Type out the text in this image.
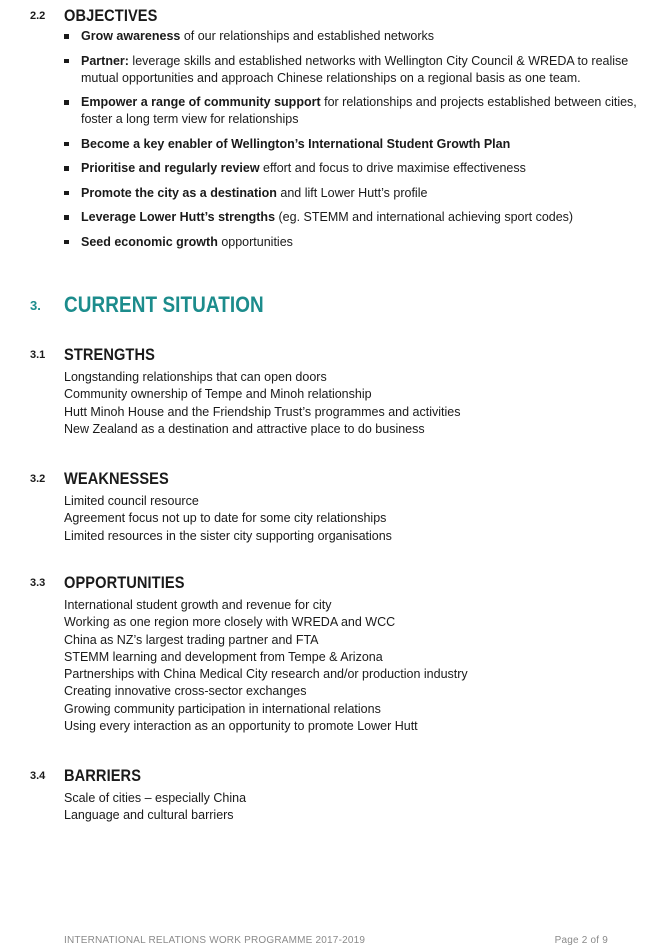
2.2 OBJECTIVES
Grow awareness of our relationships and established networks
Partner: leverage skills and established networks with Wellington City Council & WREDA to realise mutual opportunities and approach Chinese relationships on a regional basis as one team.
Empower a range of community support for relationships and projects established between cities, foster a long term view for relationships
Become a key enabler of Wellington’s International Student Growth Plan
Prioritise and regularly review effort and focus to drive maximise effectiveness
Promote the city as a destination and lift Lower Hutt’s profile
Leverage Lower Hutt’s strengths (eg. STEMM and international achieving sport codes)
Seed economic growth opportunities
3. CURRENT SITUATION
3.1 STRENGTHS
Longstanding relationships that can open doors
Community ownership of Tempe and Minoh relationship
Hutt Minoh House and the Friendship Trust’s programmes and activities
New Zealand as a destination and attractive place to do business
3.2 WEAKNESSES
Limited council resource
Agreement focus not up to date for some city relationships
Limited resources in the sister city supporting organisations
3.3 OPPORTUNITIES
International student growth and revenue for city
Working as one region more closely with WREDA and WCC
China as NZ’s largest trading partner and FTA
STEMM learning and development from Tempe & Arizona
Partnerships with China Medical City research and/or production industry
Creating innovative cross-sector exchanges
Growing community participation in international relations
Using every interaction as an opportunity to promote Lower Hutt
3.4 BARRIERS
Scale of cities – especially China
Language and cultural barriers
INTERNATIONAL RELATIONS WORK PROGRAMME 2017-2019	Page 2 of 9
